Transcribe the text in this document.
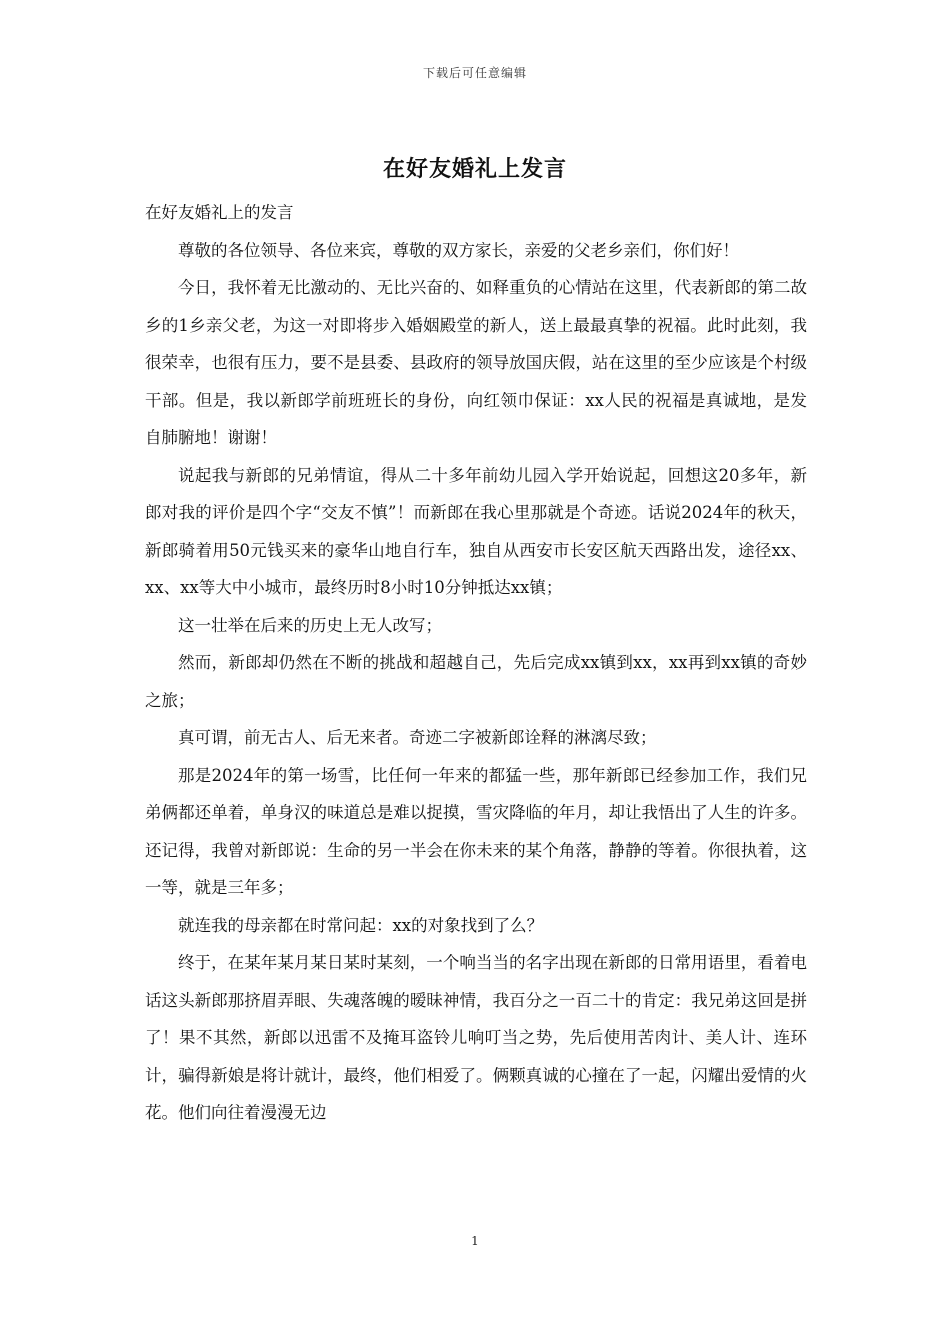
下载后可任意编辑
在好友婚礼上发言

在好友婚礼上的发言

尊敬的各位领导、各位来宾，尊敬的双方家长，亲爱的父老乡亲们，你们好！

今日，我怀着无比激动的、无比兴奋的、如释重负的心情站在这里，代表新郎的第二故乡的1乡亲父老，为这一对即将步入婚姻殿堂的新人，送上最最真挚的祝福。此时此刻，我很荣幸，也很有压力，要不是县委、县政府的领导放国庆假，站在这里的至少应该是个村级干部。但是，我以新郎学前班班长的身份，向红领巾保证：xx人民的祝福是真诚地，是发自肺腑地！谢谢！

说起我与新郎的兄弟情谊，得从二十多年前幼儿园入学开始说起，回想这20多年，新郎对我的评价是四个字“交友不慎”！而新郎在我心里那就是个奇迹。话说2024年的秋天，新郎骑着用50元钱买来的豪华山地自行车，独自从西安市长安区航天西路出发，途径xx、xx、xx等大中小城市，最终历时8小时10分钟抵达xx镇；

这一壮举在后来的历史上无人改写；

然而，新郎却仍然在不断的挑战和超越自己，先后完成xx镇到xx，xx再到xx镇的奇妙之旅；

真可谓，前无古人、后无来者。奇迹二字被新郎诠释的淋漓尽致；

那是2024年的第一场雪，比任何一年来的都猛一些，那年新郎已经参加工作，我们兄弟俩都还单着，单身汉的味道总是难以捉摸，雪灾降临的年月，却让我悟出了人生的许多。还记得，我曾对新郎说：生命的另一半会在你未来的某个角落，静静的等着。你很执着，这一等，就是三年多；

就连我的母亲都在时常问起：xx的对象找到了么？

终于，在某年某月某日某时某刻，一个响当当的名字出现在新郎的日常用语里，看着电话这头新郎那挤眉弄眼、失魂落魄的暧昧神情，我百分之一百二十的肯定：我兄弟这回是拼了！果不其然，新郎以迅雷不及掩耳盗铃儿响叮当之势，先后使用苦肉计、美人计、连环计，骗得新娘是将计就计，最终，他们相爱了。俩颗真诚的心撞在了一起，闪耀出爱情的火花。他们向往着漫漫无边

1
